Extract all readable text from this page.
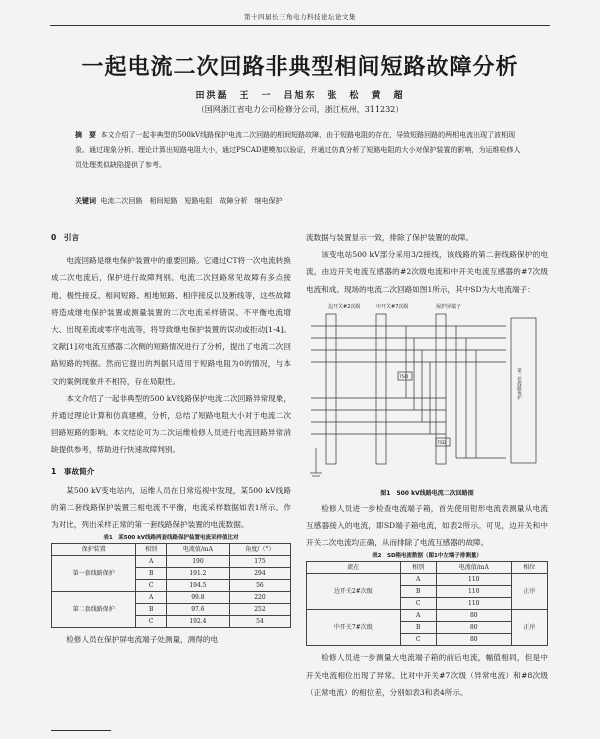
第十四届长三角电力科技论坛论文集
一起电流二次回路非典型相间短路故障分析
田洪磊　王　一　吕旭东　张　松　黄　超
（国网浙江省电力公司检修分公司，浙江杭州，311232）
摘　要 本文介绍了一起非典型的500kV线路保护电流二次回路的相间短路故障，由于短路电阻的存在，导致短路回路的两相电流出现了波相现象。通过现象分析、理论计算出短路电阻大小，通过PSCAD建模加以验证，并通过仿真分析了短路电阻的大小对保护装置的影响，为运维检修人员处理类似缺陷提供了参考。
关键词 电流二次回路　相间短路　短路电阻　故障分析　继电保护
0　引言

电流回路是继电保护装置中的重要回路。它通过CT将一次电流转换成二次电流后，保护进行故障判别。电流二次回路常见故障有多点接地、极性接反、相间短路、相地短路、相序接反以及断线等，这些故障将造成继电保护装置或测量装置的二次电流采样错误、不平衡电流增大、出现差流或零序电流等，将导致继电保护装置的误动或拒动[1-4]。文献[1]对电流互感器二次侧的短路情况进行了分析，提出了电流二次回路短路的判据。然而它提出的判据只适用于短路电阻为0的情况，与本文的案例现象并不相符，存在局限性。

本文介绍了一起非典型的500 kV线路保护电流二次回路异常现象，并通过理论计算和仿真建模，分析，总结了短路电阻大小对于电流二次回路短路的影响。本文结论可为二次运维检修人员进行电流回路异常消缺提供参考，帮助进行快速故障判别。

1　事故简介

某500 kV变电站内，运维人员在日常巡视中发现，某500 kV线路的第二套线路保护装置三相电流不平衡，电流采样数据如表1所示。作为对比，列出采样正常的第一套线路保护装置的电流数据。

表1　某500 kV线路两套线路保护装置电流采样值比对
保护装置	相别	电流值/mA	角度/（°）
第一套线路保护	A	190	175
	B	191.2	294
	C	194.5	56
第二套线路保护	A	99.8	220
	B	97.6	252
	C	192.4	54

检修人员在保护屏电流端子处测量，测得的电

流数据与装置显示一致，排除了保护装置的故障。

该变电站500 kV部分采用3/2接线，该线路的第二套线路保护的电流，由边开关电流互感器的#2次级电流和中开关电流互感器的#7次级电流和成。现场的电流二次回路如图1所示，其中SD为大电流端子：

边开关#2次级	中开关#7次级	保护屏端子
7SD
7SD
第二套线路保护
图1　500 kV线路电流二次回路图

检修人员进一步检查电流端子箱，首先使用钳形电流表测量从电流互感器接入的电流，即SD端子箱电流，如表2所示。可见，边开关和中开关二次电流均正确，从而排除了电流互感器的故障。

表2　SD箱电流数据（图1中左端子排测量）
流在	相别	电流值/mA	相位
边开关2#次级	A	110	正序
	B	110	
	C	110	
中开关7#次级	A	80	正序
	B	80	
	C	80	

检修人员进一步测量大电流端子箱的前后电流，幅值相同，但是中开关电流相位出现了异常。比对中开关#7次级（异常电流）和#8次级（正常电流）的相位差，分别如表3和表4所示。
